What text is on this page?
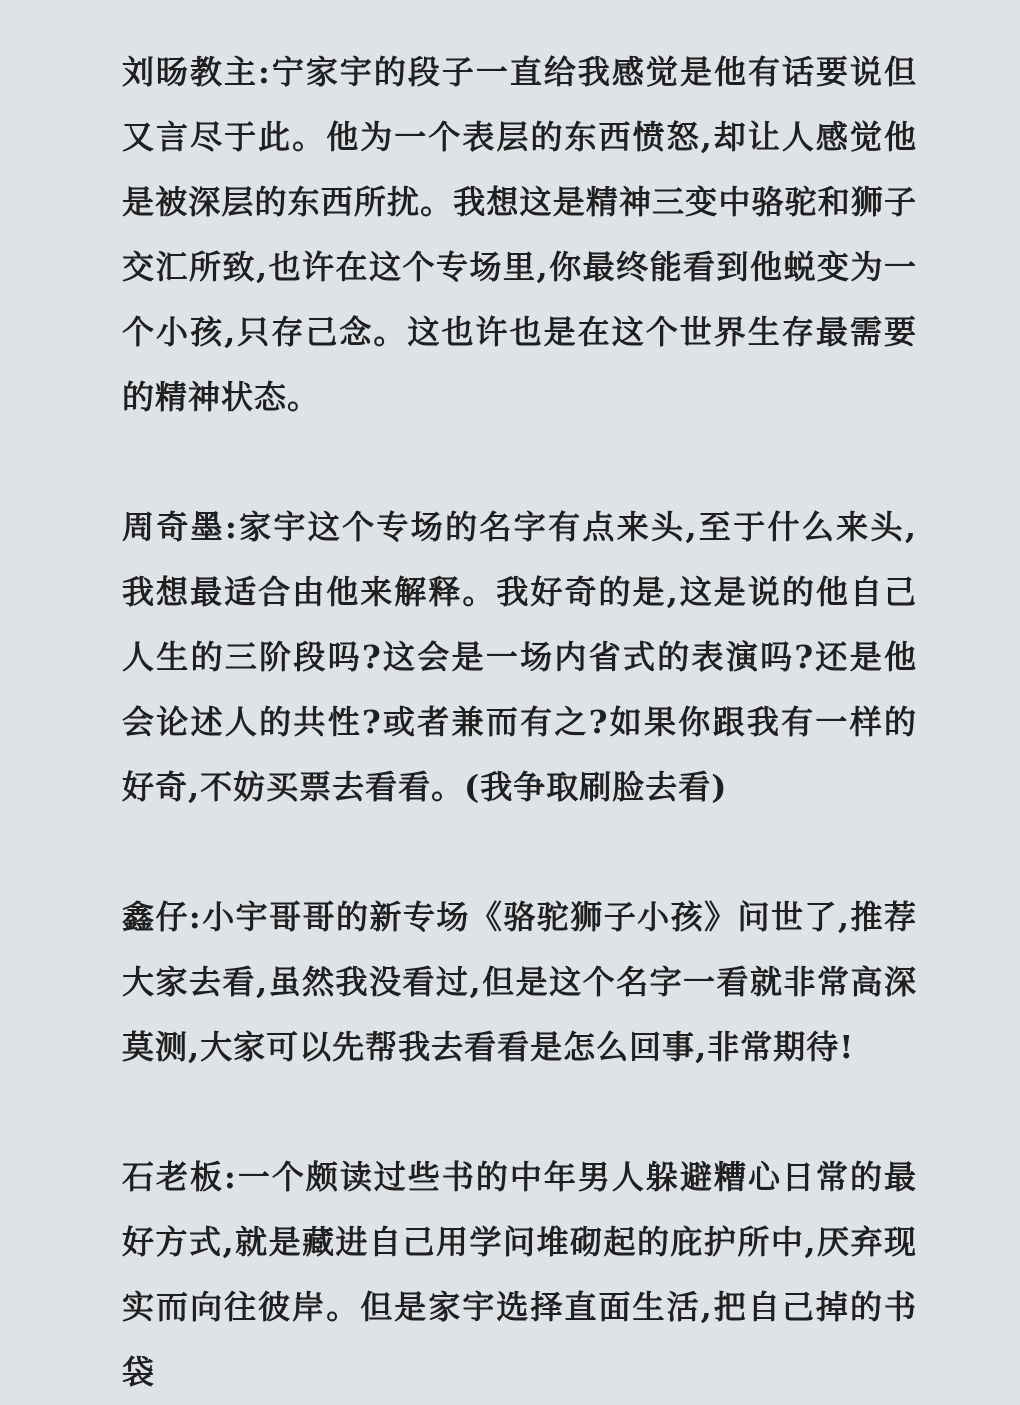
刘旸教主:宁家宇的段子一直给我感觉是他有话要说但又言尽于此。他为一个表层的东西愤怒,却让人感觉他是被深层的东西所扰。我想这是精神三变中骆驼和狮子交汇所致,也许在这个专场里,你最终能看到他蜕变为一个小孩,只存己念。这也许也是在这个世界生存最需要的精神状态。

周奇墨:家宇这个专场的名字有点来头,至于什么来头,我想最适合由他来解释。我好奇的是,这是说的他自己人生的三阶段吗?这会是一场内省式的表演吗?还是他会论述人的共性?或者兼而有之?如果你跟我有一样的好奇,不妨买票去看看。(我争取刷脸去看)

鑫仔:小宇哥哥的新专场《骆驼狮子小孩》问世了,推荐大家去看,虽然我没看过,但是这个名字一看就非常高深莫测,大家可以先帮我去看看是怎么回事,非常期待!

石老板:一个颇读过些书的中年男人躲避糟心日常的最好方式,就是藏进自己用学问堆砌起的庇护所中,厌弃现实而向往彼岸。但是家宇选择直面生活,把自己掉的书袋
